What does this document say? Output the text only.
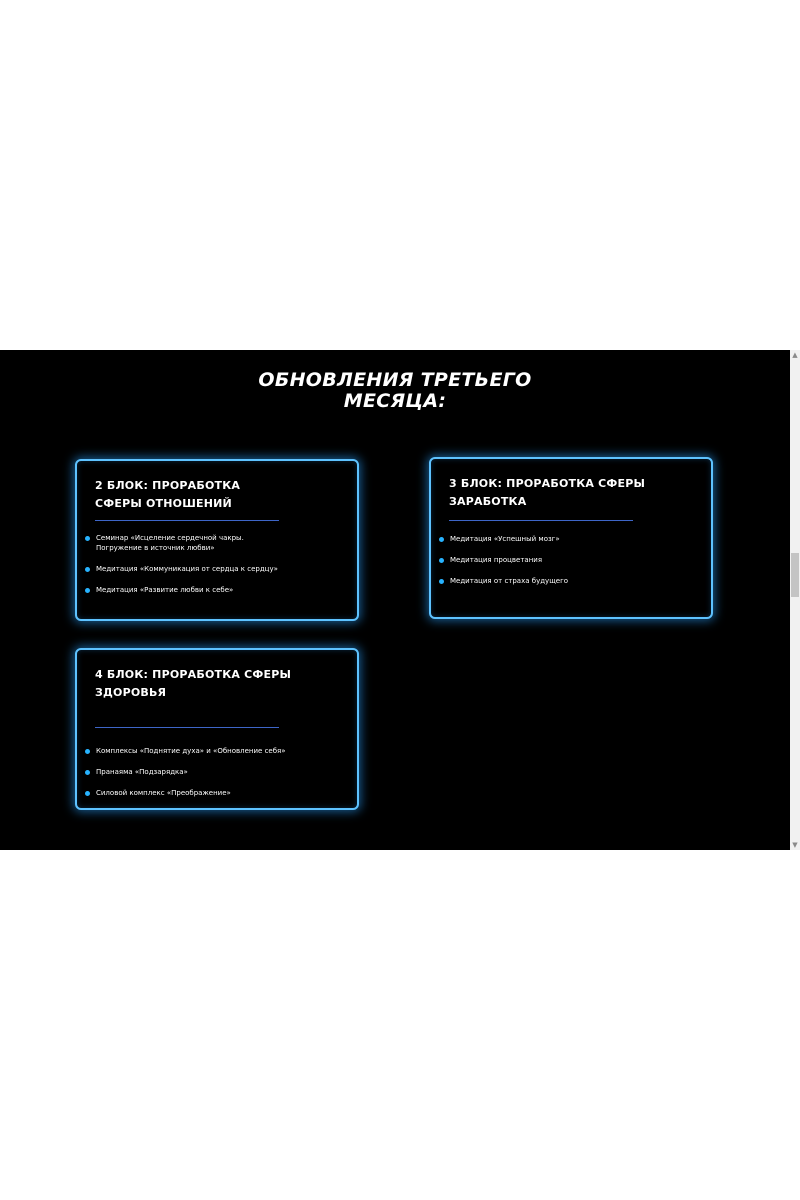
ОБНОВЛЕНИЯ ТРЕТЬЕГО
МЕСЯЦА:
2 БЛОК: ПРОРАБОТКА
СФЕРЫ ОТНОШЕНИЙ
Семинар «Исцеление сердечной чакры.
Погружение в источник любви»
Медитация «Коммуникация от сердца к сердцу»
Медитация «Развитие любви к себе»
3 БЛОК: ПРОРАБОТКА СФЕРЫ
ЗАРАБОТКА
Медитация «Успешный мозг»
Медитация процветания
Медитация от страха будущего
4 БЛОК: ПРОРАБОТКА СФЕРЫ
ЗДОРОВЬЯ
Комплексы «Поднятие духа» и «Обновление себя»
Пранаяма «Подзарядка»
Силовой комплекс «Преображение»
▲
▼
